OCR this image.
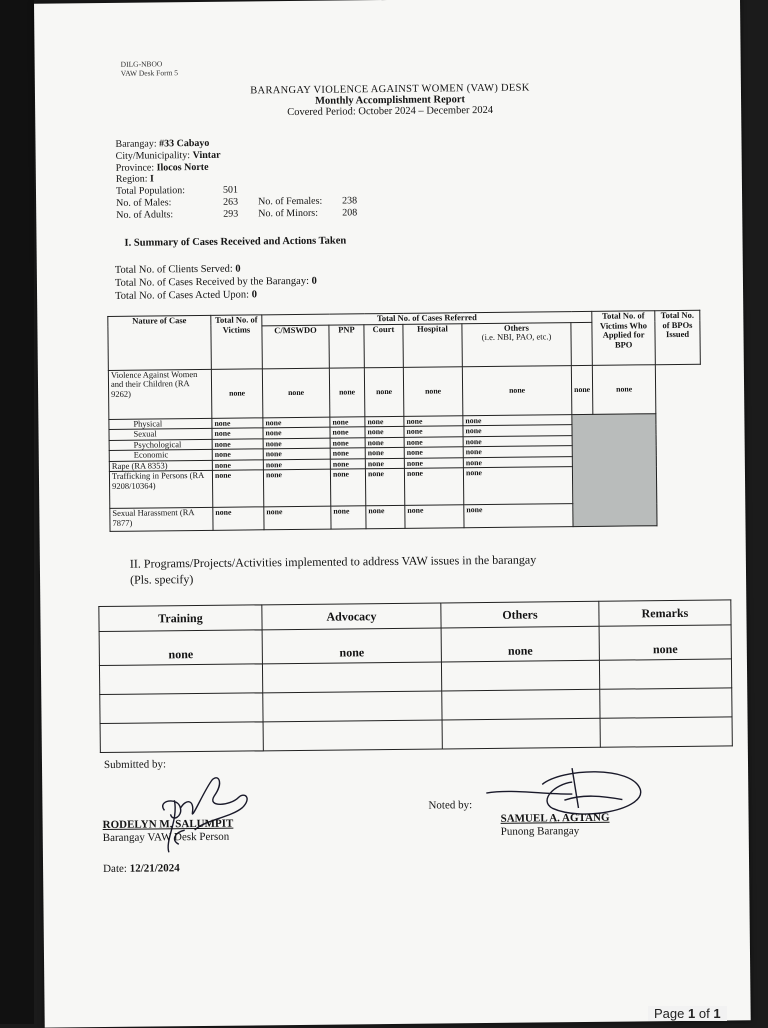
DILG-NBOO
VAW Desk Form 5
BARANGAY VIOLENCE AGAINST WOMEN (VAW) DESK
Monthly Accomplishment Report
Covered Period: October 2024 – December 2024
Barangay: #33 Cabayo
City/Municipality: Vintar
Province: Ilocos Norte
Region: I
Total Population:	501
No. of Males:	263 No. of Females: 238
No. of Adults:	293 No. of Minors: 208
I. Summary of Cases Received and Actions Taken
Total No. of Clients Served: 0
Total No. of Cases Received by the Barangay: 0
Total No. of Cases Acted Upon: 0
Nature of Case	Total No. of Victims	Total No. of Cases Referred						Total No. of Victims Who Applied for BPO	Total No. of BPOs Issued
		C/MSWDO	PNP	Court	Hospital	Others
(i.e. NBI, PAO, etc.)			
Violence Against Women and their Children (RA 9262)	none	none	none	none	none	none	none	none	
Physical	none	none	none	none	none	none			
Sexual	none	none	none	none	none	none			
Psychological	none	none	none	none	none	none			
Economic	none	none	none	none	none	none			
Rape (RA 8353)	none	none	none	none	none	none			
Trafficking in Persons (RA 9208/10364)	none	none	none	none	none	none			
Sexual Harassment (RA 7877)	none	none	none	none	none	none			
II. Programs/Projects/Activities implemented to address VAW issues in the barangay
(Pls. specify)
Training	Advocacy	Others	Remarks
none	none	none	none

Submitted by:
RODELYN M. SALUMPIT
Barangay VAW Desk Person
Noted by:
SAMUEL A. AGTANG
Punong Barangay
Date: 12/21/2024
Page 1 of 1
